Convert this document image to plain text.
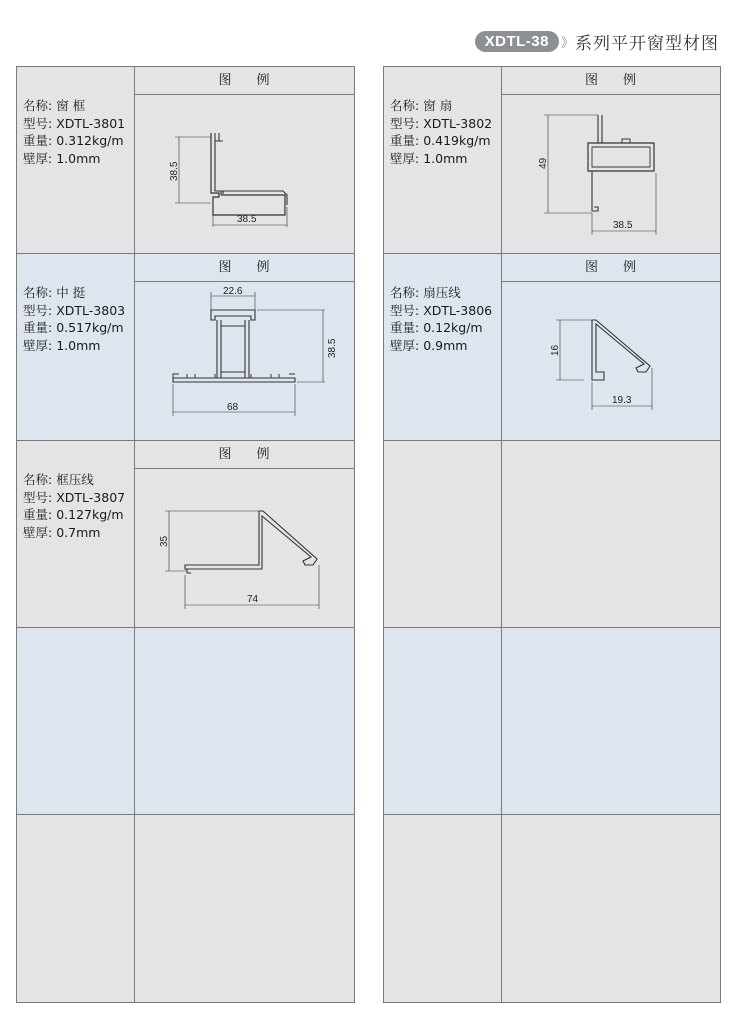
XDTL-38 》 系列平开窗型材图
名称: 窗 框
型号: XDTL-3801
重量: 0.312kg/m
壁厚: 1.0mm
图 例
38.5
38.5
名称: 中 挺
型号: XDTL-3803
重量: 0.517kg/m
壁厚: 1.0mm
图 例
22.6
38.5
68
名称: 框压线
型号: XDTL-3807
重量: 0.127kg/m
壁厚: 0.7mm
图 例
35
74
名称: 窗 扇
型号: XDTL-3802
重量: 0.419kg/m
壁厚: 1.0mm
图 例
49
38.5
名称: 扇压线
型号: XDTL-3806
重量: 0.12kg/m
壁厚: 0.9mm
图 例
16
19.3
